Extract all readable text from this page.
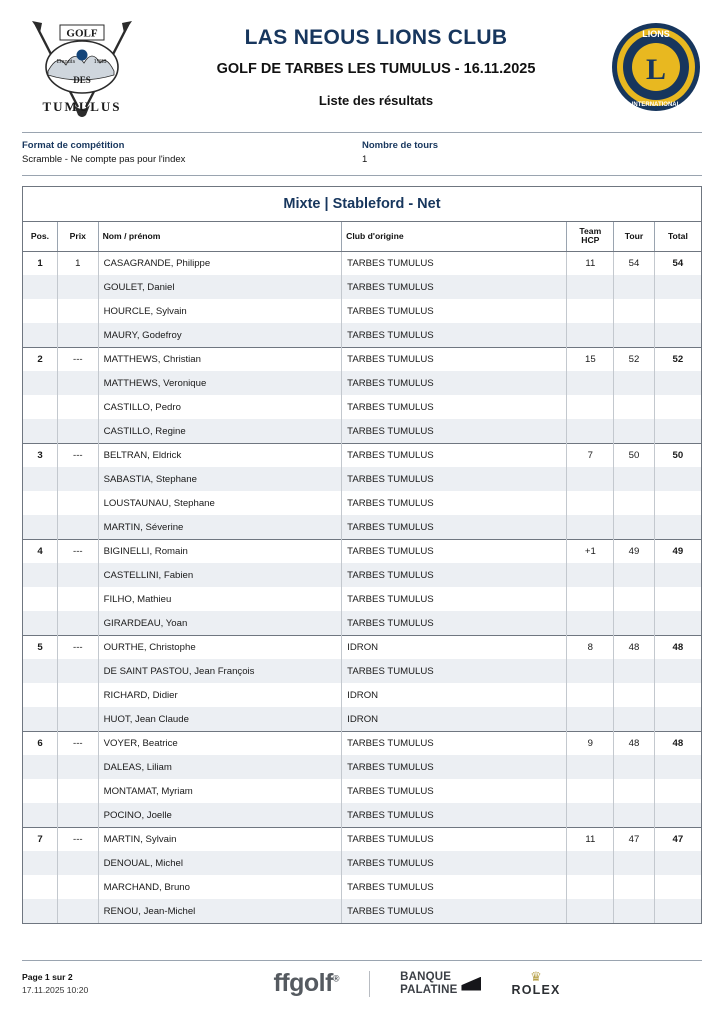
GOLF
Depuis	1988
DES
TUMULUS
LAS NEOUS LIONS CLUB
GOLF DE TARBES LES TUMULUS - 16.11.2025
Liste des résultats
L
LIONS
INTERNATIONAL
Format de compétition
Scramble - Ne compte pas pour l'index
Nombre de tours
1
Mixte | Stableford - Net
Pos.	Prix	Nom / prénom	Club d'origine	Team
HCP	Tour	Total
1	1	CASAGRANDE, Philippe	TARBES TUMULUS	11	54	54
		GOULET, Daniel	TARBES TUMULUS			
		HOURCLE, Sylvain	TARBES TUMULUS			
		MAURY, Godefroy	TARBES TUMULUS			
2	---	MATTHEWS, Christian	TARBES TUMULUS	15	52	52
		MATTHEWS, Veronique	TARBES TUMULUS			
		CASTILLO, Pedro	TARBES TUMULUS			
		CASTILLO, Regine	TARBES TUMULUS			
3	---	BELTRAN, Eldrick	TARBES TUMULUS	7	50	50
		SABASTIA, Stephane	TARBES TUMULUS			
		LOUSTAUNAU, Stephane	TARBES TUMULUS			
		MARTIN, Séverine	TARBES TUMULUS			
4	---	BIGINELLI, Romain	TARBES TUMULUS	+1	49	49
		CASTELLINI, Fabien	TARBES TUMULUS			
		FILHO, Mathieu	TARBES TUMULUS			
		GIRARDEAU, Yoan	TARBES TUMULUS			
5	---	OURTHE, Christophe	IDRON	8	48	48
		DE SAINT PASTOU, Jean François	TARBES TUMULUS			
		RICHARD, Didier	IDRON			
		HUOT, Jean Claude	IDRON			
6	---	VOYER, Beatrice	TARBES TUMULUS	9	48	48
		DALEAS, Liliam	TARBES TUMULUS			
		MONTAMAT, Myriam	TARBES TUMULUS			
		POCINO, Joelle	TARBES TUMULUS			
7	---	MARTIN, Sylvain	TARBES TUMULUS	11	47	47
		DENOUAL, Michel	TARBES TUMULUS			
		MARCHAND, Bruno	TARBES TUMULUS			
		RENOU, Jean-Michel	TARBES TUMULUS			
Page 1 sur 2
17.11.2025 10:20	ffgolf®	BANQUE
PALATINE
♛
ROLEX
